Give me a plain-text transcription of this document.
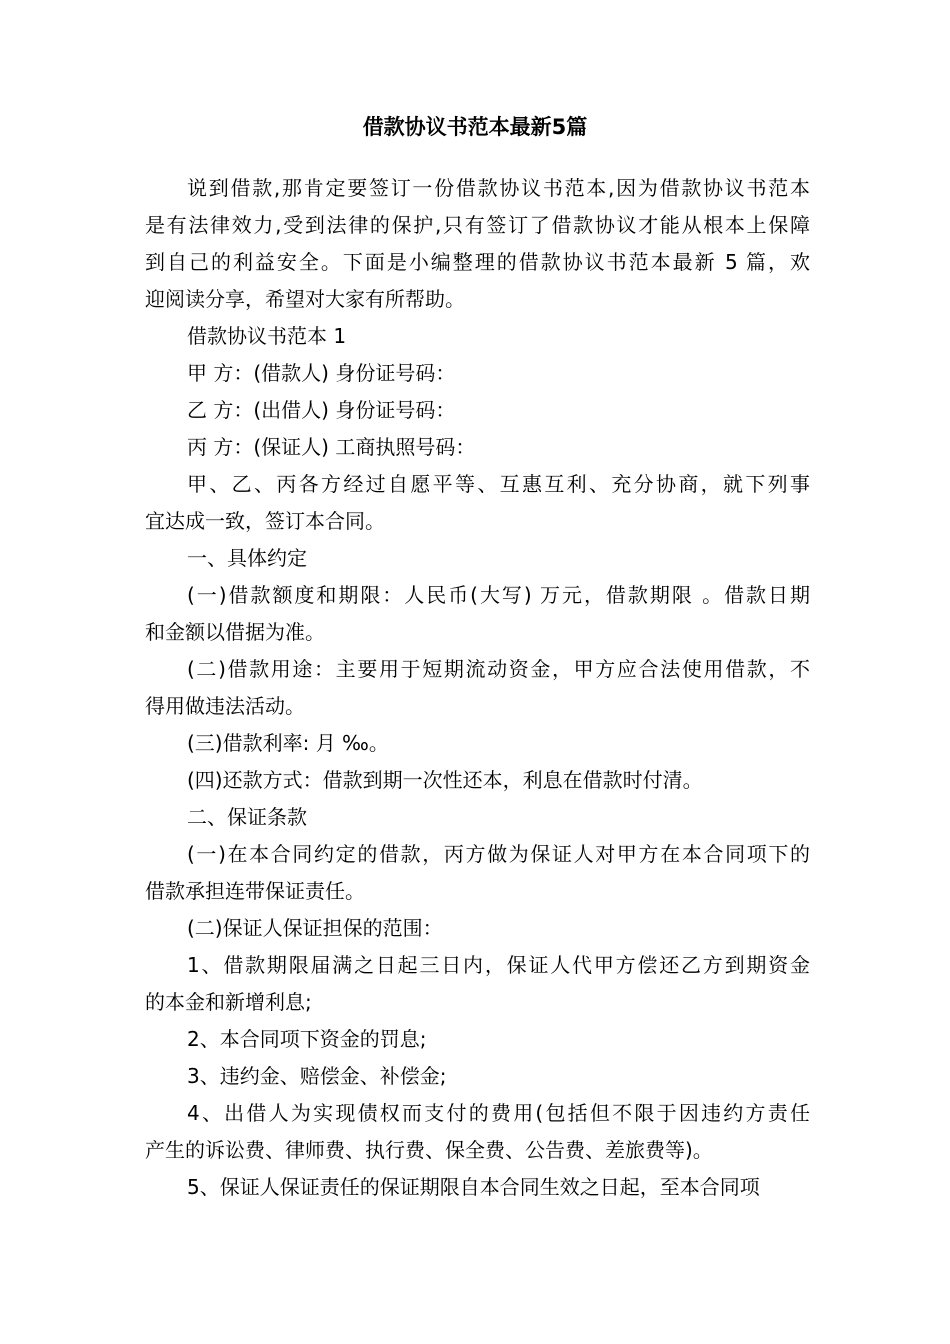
借款协议书范本最新5篇

说到借款,那肯定要签订一份借款协议书范本,因为借款协议书范本
是有法律效力,受到法律的保护,只有签订了借款协议才能从根本上保障
到自己的利益安全。下面是小编整理的借款协议书范本最新 5 篇，欢
迎阅读分享，希望对大家有所帮助。

借款协议书范本 1

甲 方：(借款人) 身份证号码：

乙 方：(出借人) 身份证号码：

丙 方：(保证人) 工商执照号码：

甲、乙、丙各方经过自愿平等、互惠互利、充分协商，就下列事
宜达成一致，签订本合同。

一、具体约定

(一)借款额度和期限：人民币(大写) 万元，借款期限 。借款日期
和金额以借据为准。

(二)借款用途：主要用于短期流动资金，甲方应合法使用借款，不
得用做违法活动。

(三)借款利率: 月 ‰。

(四)还款方式：借款到期一次性还本，利息在借款时付清。

二、保证条款

(一)在本合同约定的借款，丙方做为保证人对甲方在本合同项下的
借款承担连带保证责任。

(二)保证人保证担保的范围：

1、借款期限届满之日起三日内，保证人代甲方偿还乙方到期资金
的本金和新增利息;

2、本合同项下资金的罚息;

3、违约金、赔偿金、补偿金;

4、出借人为实现债权而支付的费用(包括但不限于因违约方责任
产生的诉讼费、律师费、执行费、保全费、公告费、差旅费等)。

5、保证人保证责任的保证期限自本合同生效之日起，至本合同项
